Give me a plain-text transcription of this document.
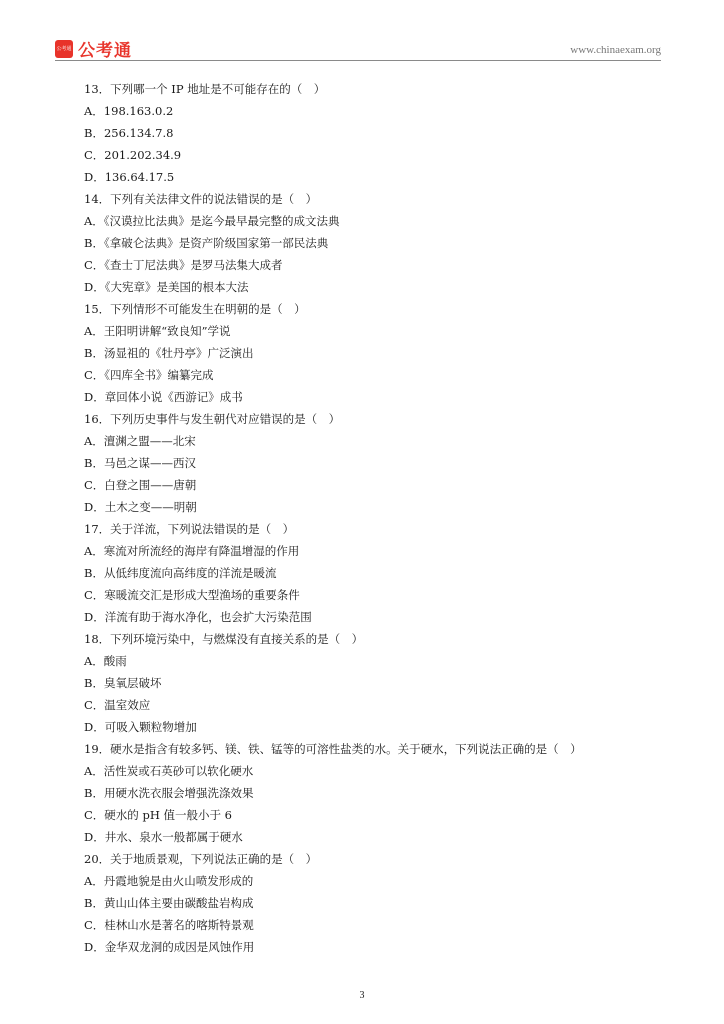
公考通 公考通	www.chinaexam.org
13．下列哪一个 IP 地址是不可能存在的（　）
A．198.163.0.2
B．256.134.7.8
C．201.202.34.9
D．136.64.17.5
14．下列有关法律文件的说法错误的是（　）
A．《汉谟拉比法典》是迄今最早最完整的成文法典
B．《拿破仑法典》是资产阶级国家第一部民法典
C．《查士丁尼法典》是罗马法集大成者
D．《大宪章》是美国的根本大法
15．下列情形不可能发生在明朝的是（　）
A．王阳明讲解“致良知”学说
B．汤显祖的《牡丹亭》广泛演出
C．《四库全书》编纂完成
D．章回体小说《西游记》成书
16．下列历史事件与发生朝代对应错误的是（　）
A．澶渊之盟——北宋
B．马邑之谋——西汉
C．白登之围——唐朝
D．土木之变——明朝
17．关于洋流，下列说法错误的是（　）
A．寒流对所流经的海岸有降温增湿的作用
B．从低纬度流向高纬度的洋流是暖流
C．寒暖流交汇是形成大型渔场的重要条件
D．洋流有助于海水净化，也会扩大污染范围
18．下列环境污染中，与燃煤没有直接关系的是（　）
A．酸雨
B．臭氧层破坏
C．温室效应
D．可吸入颗粒物增加
19．硬水是指含有较多钙、镁、铁、锰等的可溶性盐类的水。关于硬水，下列说法正确的是（　）
A．活性炭或石英砂可以软化硬水
B．用硬水洗衣服会增强洗涤效果
C．硬水的 pH 值一般小于 6
D．井水、泉水一般都属于硬水
20．关于地质景观，下列说法正确的是（　）
A．丹霞地貌是由火山喷发形成的
B．黄山山体主要由碳酸盐岩构成
C．桂林山水是著名的喀斯特景观
D．金华双龙洞的成因是风蚀作用
3
